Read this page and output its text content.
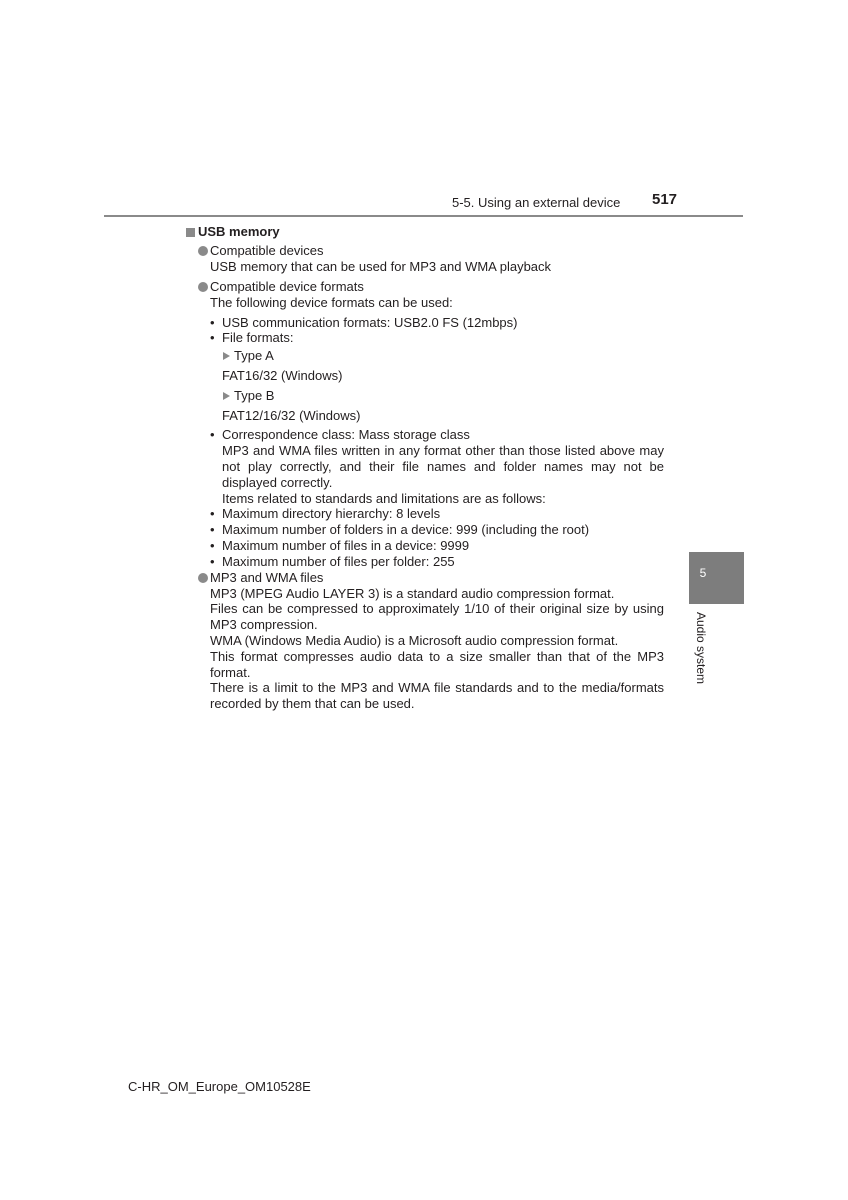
5-5. Using an external device 517
USB memory
Compatible devices
USB memory that can be used for MP3 and WMA playback
Compatible device formats
The following device formats can be used:
• USB communication formats: USB2.0 FS (12mbps)
• File formats:
Type A
FAT16/32 (Windows)
Type B
FAT12/16/32 (Windows)
• Correspondence class: Mass storage class
MP3 and WMA files written in any format other than those listed above may not play correctly, and their file names and folder names may not be displayed correctly.
Items related to standards and limitations are as follows:
• Maximum directory hierarchy: 8 levels
• Maximum number of folders in a device: 999 (including the root)
• Maximum number of files in a device: 9999
• Maximum number of files per folder: 255
MP3 and WMA files
MP3 (MPEG Audio LAYER 3) is a standard audio compression format.
Files can be compressed to approximately 1/10 of their original size by using MP3 compression.
WMA (Windows Media Audio) is a Microsoft audio compression format.
This format compresses audio data to a size smaller than that of the MP3 format.
There is a limit to the MP3 and WMA file standards and to the media/formats recorded by them that can be used.
5
Audio system
C-HR_OM_Europe_OM10528E
